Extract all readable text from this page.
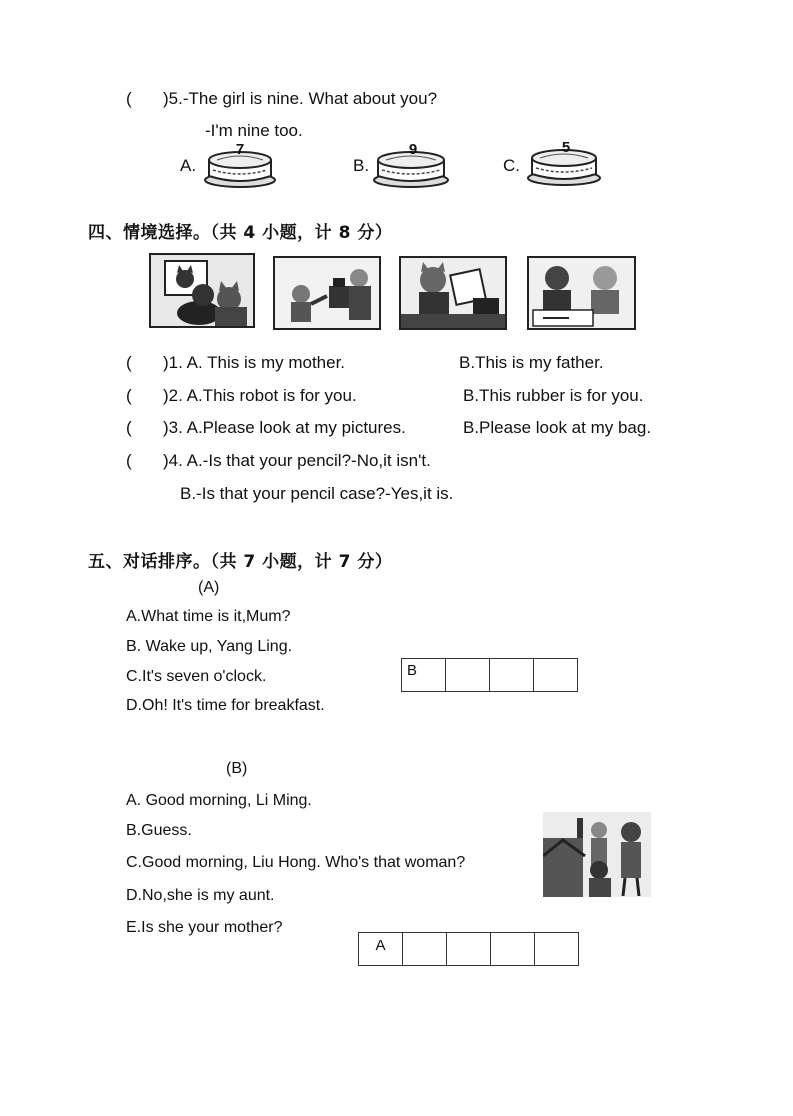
( )5.-The girl is nine. What about you?
-I'm nine too.
A.	B.	C.
7	9	5
四、情境选择。（共 4 小题，计 8 分）
( )1. A. This is my mother.	B.This is my father.
( )2. A.This robot is for you.	B.This rubber is for you.
( )3. A.Please look at my pictures.	B.Please look at my bag.
( )4. A.-Is that your pencil?-No,it isn't.
B.-Is that your pencil case?-Yes,it is.
五、对话排序。（共 7 小题，计 7 分）
(A)
A.What time is it,Mum?
B. Wake up, Yang Ling.
C.It's seven o'clock.
D.Oh! It's time for breakfast.
B			
(B)
A. Good morning, Li Ming.
B.Guess.
C.Good morning, Liu Hong. Who's that woman?
D.No,she is my aunt.
E.Is she your mother?
A				
